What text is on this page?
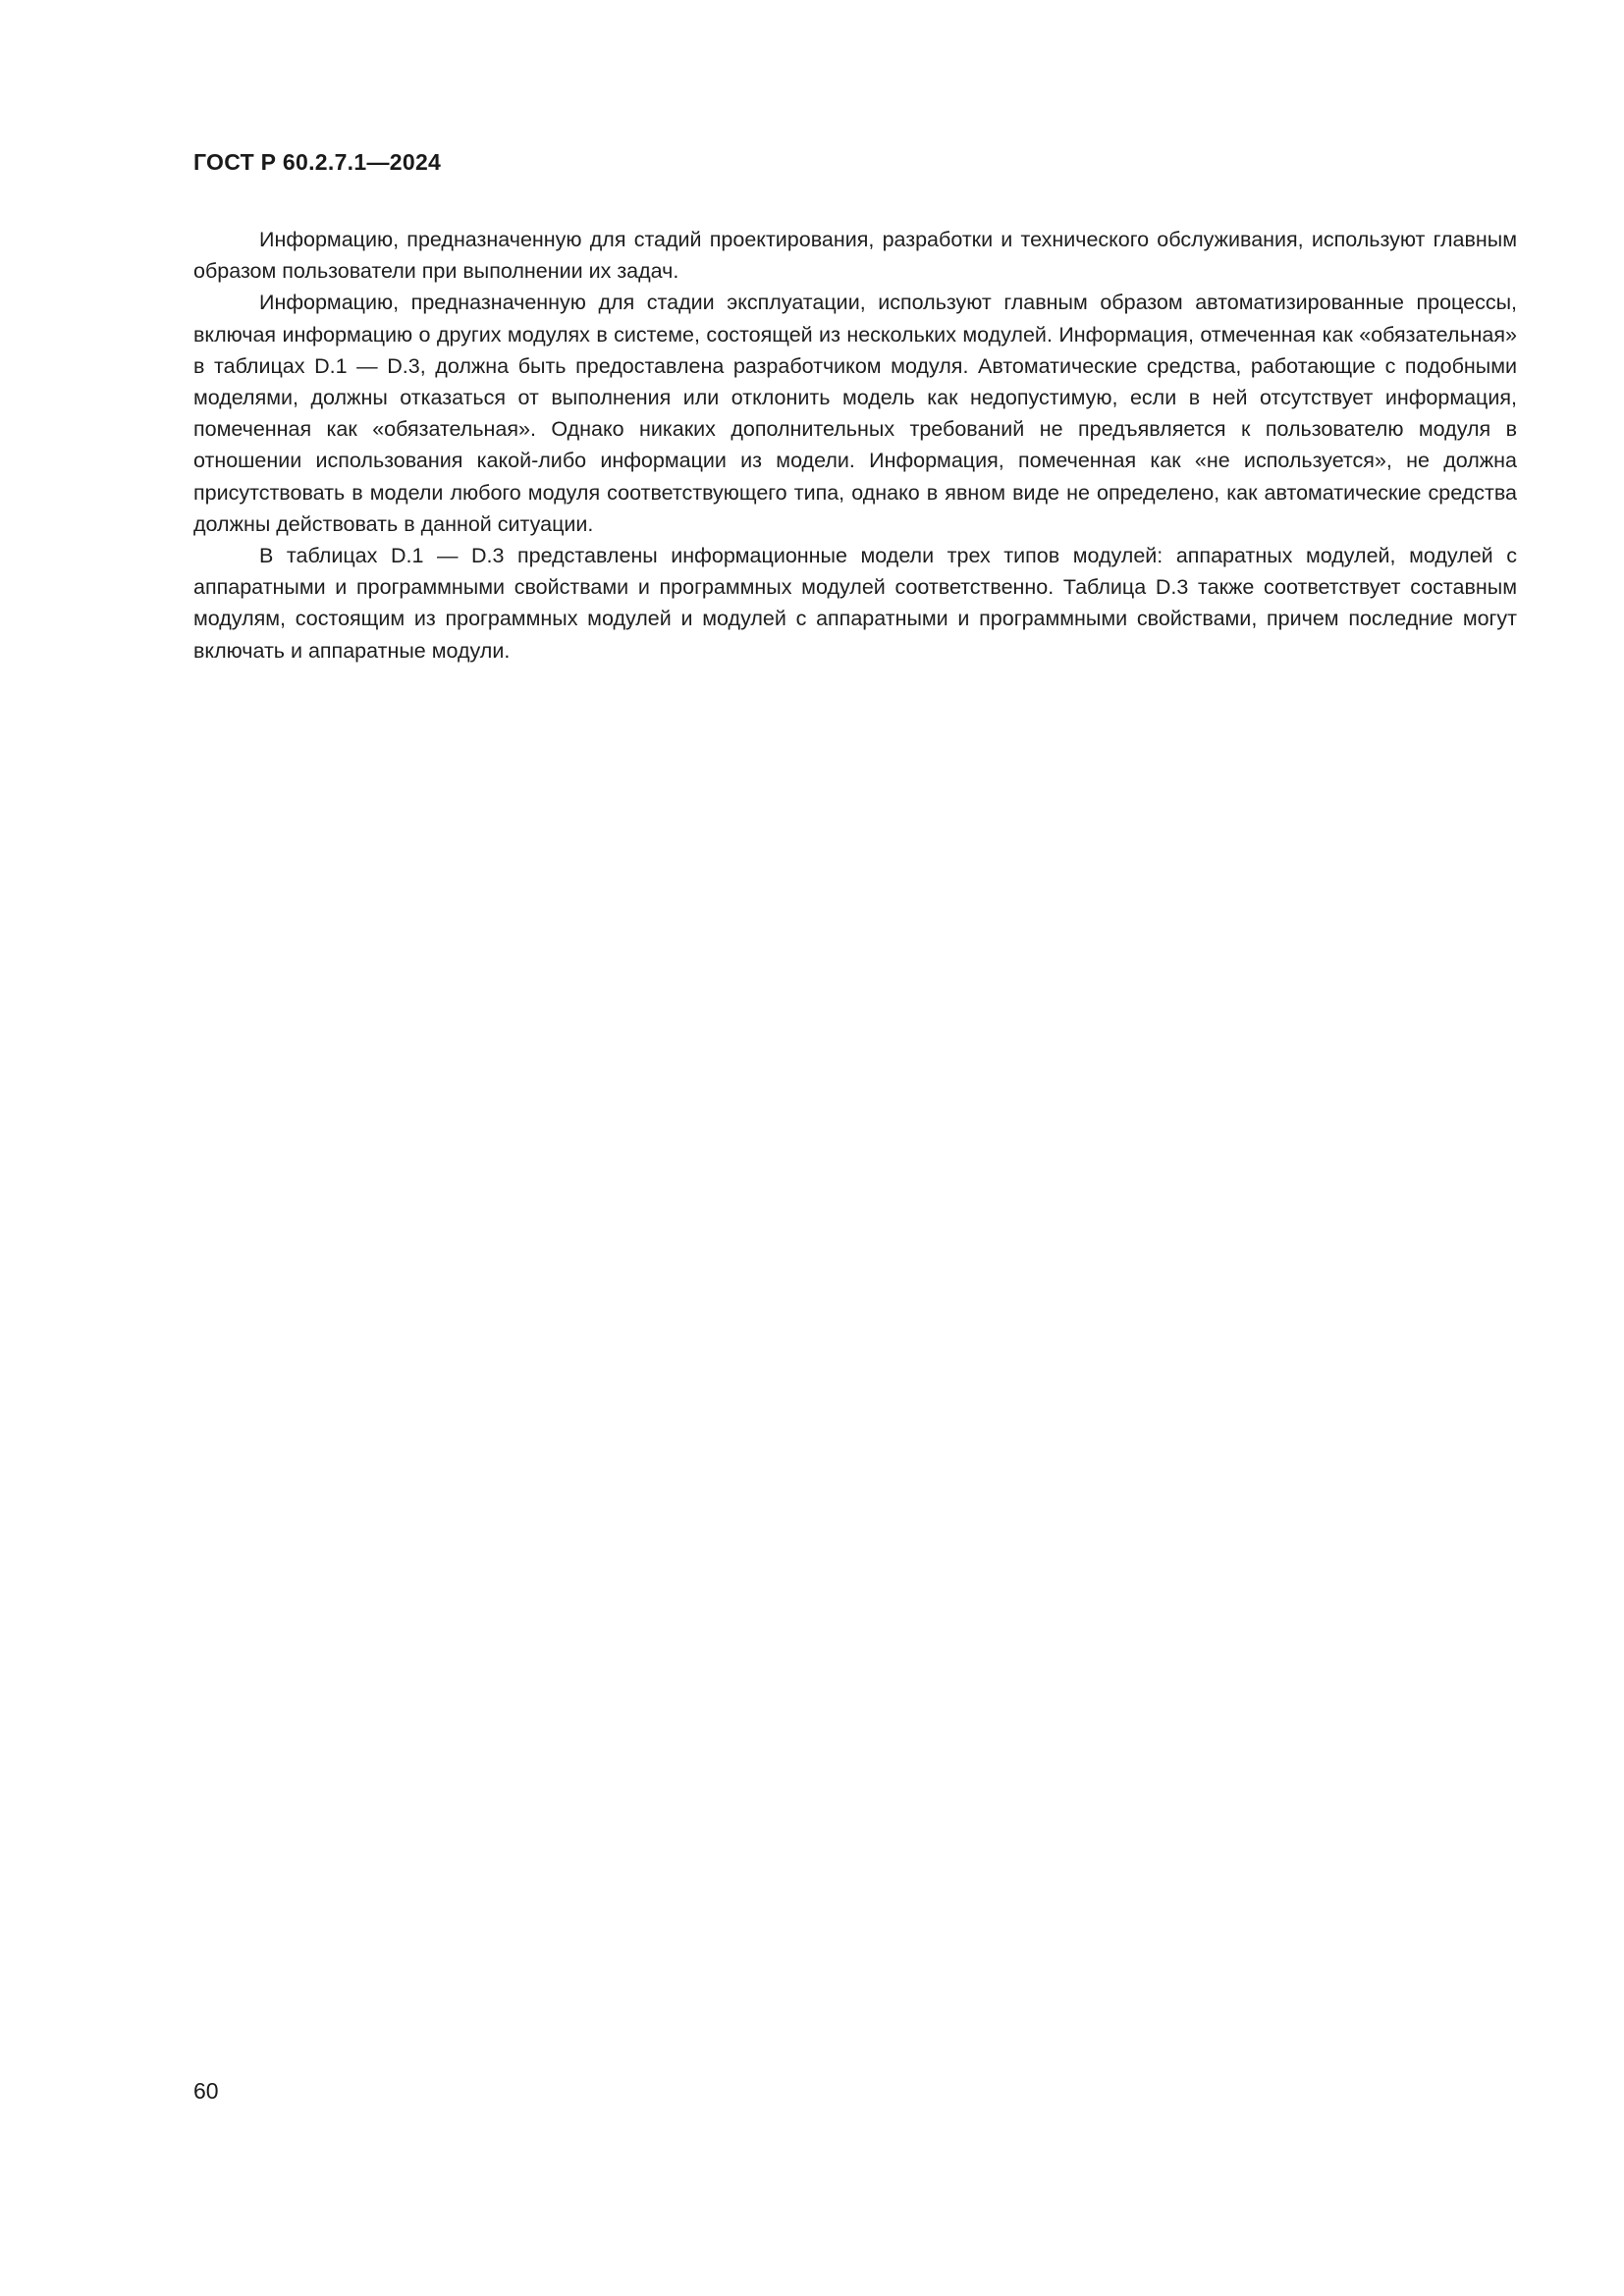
ГОСТ Р 60.2.7.1—2024

Информацию, предназначенную для стадий проектирования, разработки и технического обслуживания, используют главным образом пользователи при выполнении их задач.

Информацию, предназначенную для стадии эксплуатации, используют главным образом автоматизированные процессы, включая информацию о других модулях в системе, состоящей из нескольких модулей. Информация, отмеченная как «обязательная» в таблицах D.1 — D.3, должна быть предоставлена разработчиком модуля. Автоматические средства, работающие с подобными моделями, должны отказаться от выполнения или отклонить модель как недопустимую, если в ней отсутствует информация, помеченная как «обязательная». Однако никаких дополнительных требований не предъявляется к пользователю модуля в отношении использования какой-либо информации из модели. Информация, помеченная как «не используется», не должна присутствовать в модели любого модуля соответствующего типа, однако в явном виде не определено, как автоматические средства должны действовать в данной ситуации.

В таблицах D.1 — D.3 представлены информационные модели трех типов модулей: аппаратных модулей, модулей с аппаратными и программными свойствами и программных модулей соответственно. Таблица D.3 также соответствует составным модулям, состоящим из программных модулей и модулей с аппаратными и программными свойствами, причем последние могут включать и аппаратные модули.

60
